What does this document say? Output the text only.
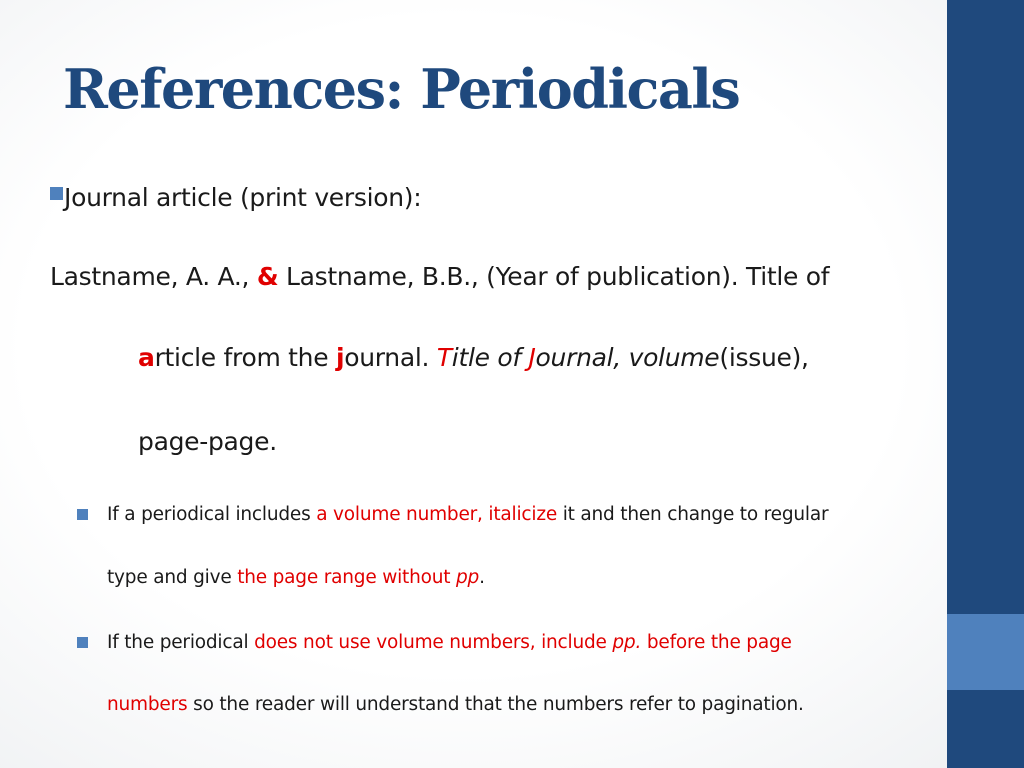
References: Periodicals
Journal article (print version):
Lastname, A. A., & Lastname, B.B., (Year of publication). Title of
article from the journal. Title of Journal, volume(issue),
page-page.
If a periodical includes a volume number, italicize it and then change to regular
type and give the page range without pp.
If the periodical does not use volume numbers, include pp. before the page
numbers so the reader will understand that the numbers refer to pagination.
